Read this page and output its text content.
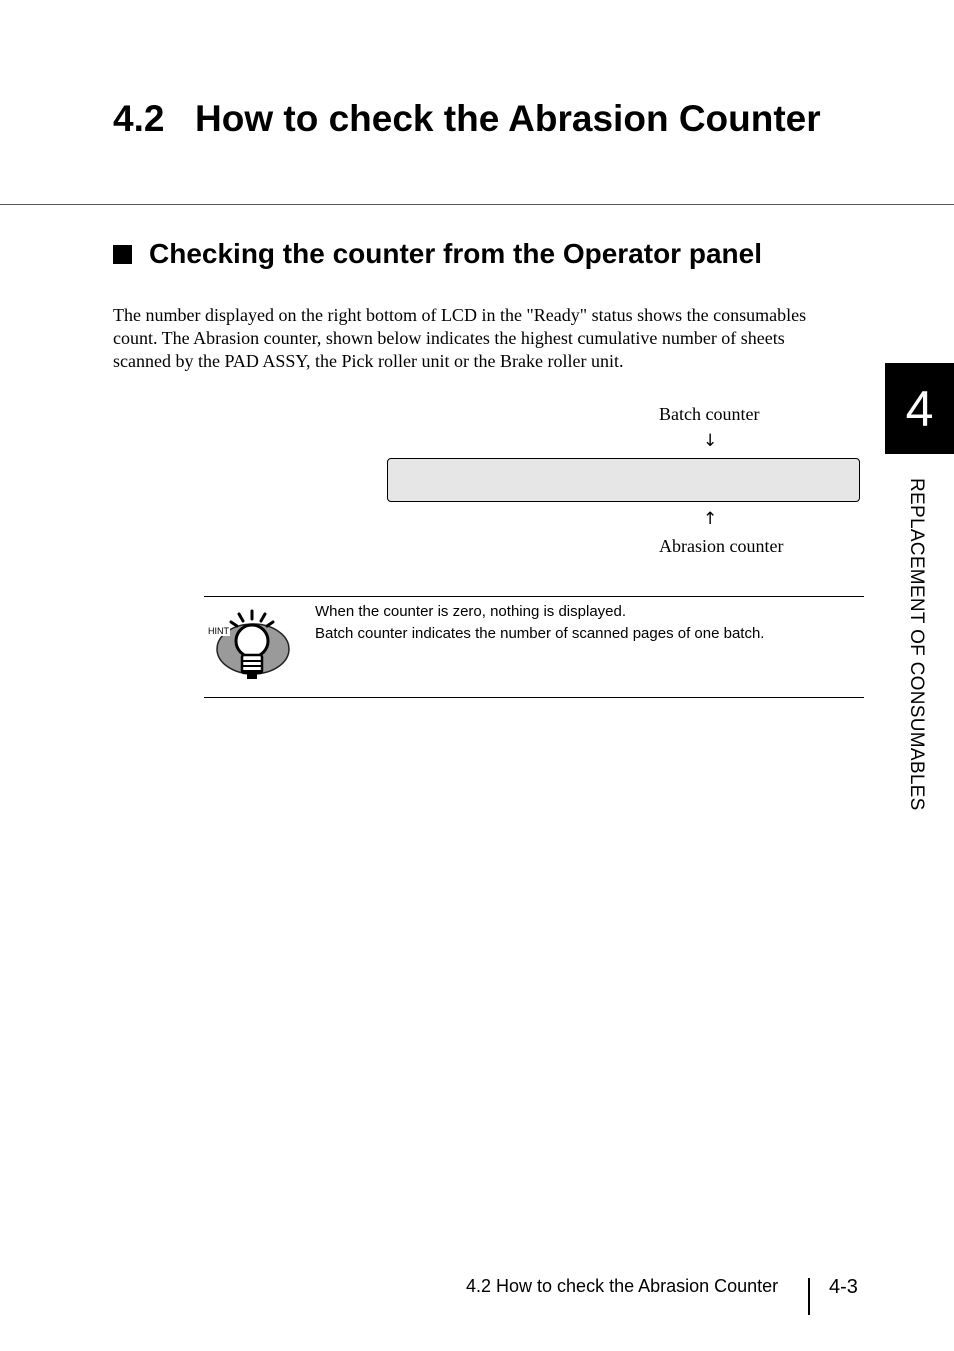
4.2 How to check the Abrasion Counter
Checking the counter from the Operator panel

The number displayed on the right bottom of LCD in the "Ready" status shows the consumables

count. The Abrasion counter, shown below indicates the highest cumulative number of sheets

scanned by the PAD ASSY, the Pick roller unit or the Brake roller unit.

Batch counter
↓
↑
Abrasion counter
HINT
When the counter is zero, nothing is displayed.
Batch counter indicates the number of scanned pages of one batch.
4
REPLACEMENT OF CONSUMABLES
4.2 How to check the Abrasion Counter	4-3
